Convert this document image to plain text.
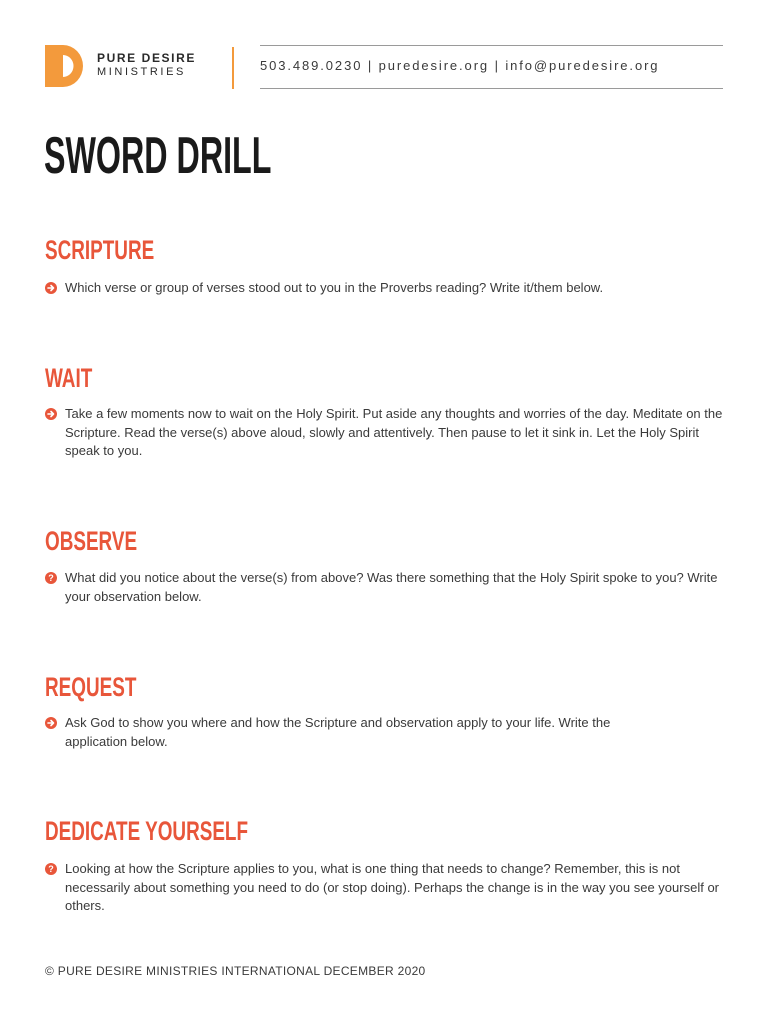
PURE DESIRE
MINISTRIES	503.489.0230 | puredesire.org | info@puredesire.org
SWORD DRILL
SCRIPTURE
Which verse or group of verses stood out to you in the Proverbs reading? Write it/them below.
WAIT
Take a few moments now to wait on the Holy Spirit. Put aside any thoughts and worries of the day. Meditate on the Scripture. Read the verse(s) above aloud, slowly and attentively. Then pause to let it sink in. Let the Holy Spirit speak to you.
OBSERVE
? What did you notice about the verse(s) from above? Was there something that the Holy Spirit spoke to you? Write your observation below.
REQUEST
Ask God to show you where and how the Scripture and observation apply to your life. Write the application below.
DEDICATE YOURSELF
? Looking at how the Scripture applies to you, what is one thing that needs to change? Remember, this is not necessarily about something you need to do (or stop doing). Perhaps the change is in the way you see yourself or others.
© PURE DESIRE MINISTRIES INTERNATIONAL DECEMBER 2020
